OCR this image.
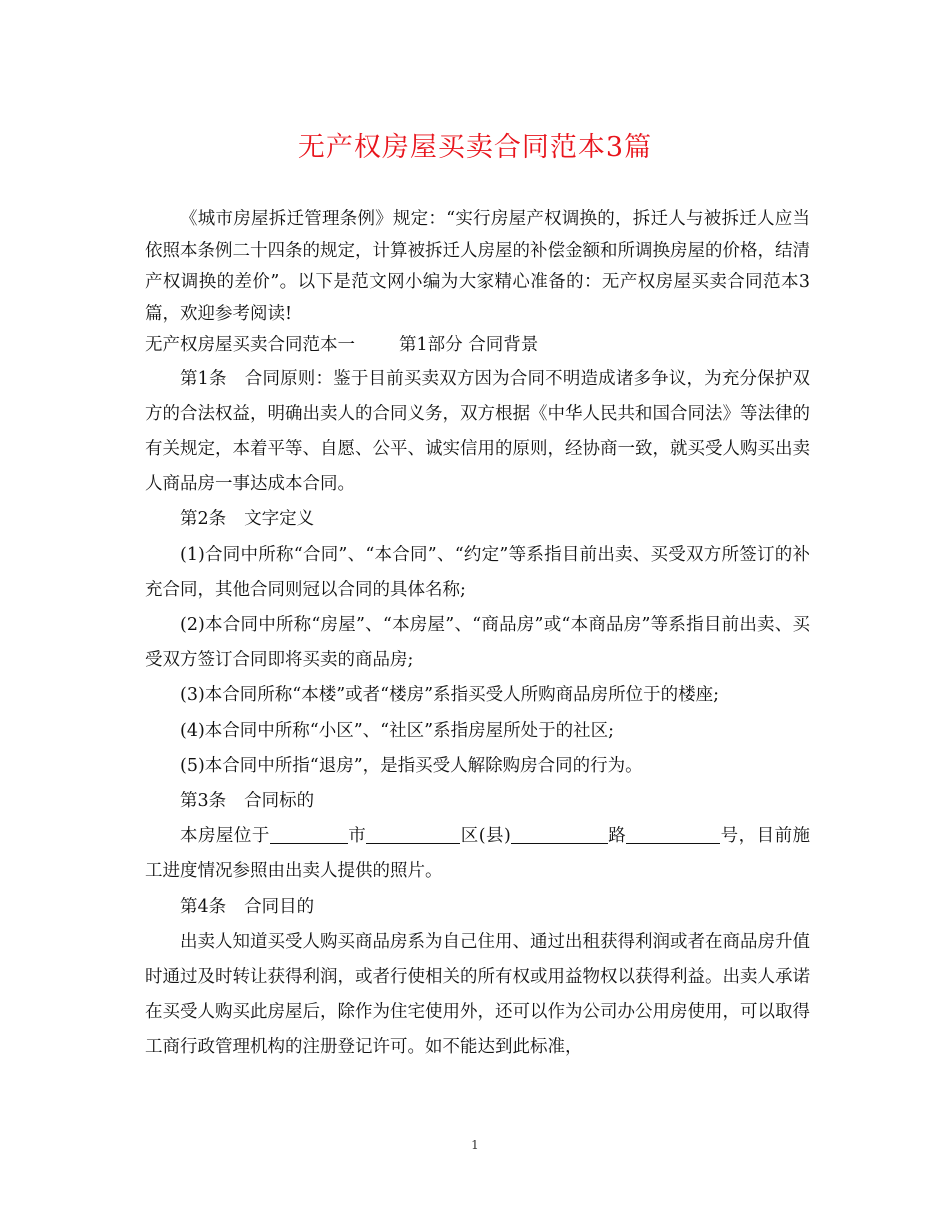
无产权房屋买卖合同范本3篇

《城市房屋拆迁管理条例》规定：“实行房屋产权调换的，拆迁人与被拆迁人应当依照本条例二十四条的规定，计算被拆迁人房屋的补偿金额和所调换房屋的价格，结清产权调换的差价”。以下是范文网小编为大家精心准备的：无产权房屋买卖合同范本3篇，欢迎参考阅读!

无产权房屋买卖合同范本一	第1部分 合同背景

第1条 合同原则：鉴于目前买卖双方因为合同不明造成诸多争议，为充分保护双方的合法权益，明确出卖人的合同义务，双方根据《中华人民共和国合同法》等法律的有关规定，本着平等、自愿、公平、诚实信用的原则，经协商一致，就买受人购买出卖人商品房一事达成本合同。

第2条 文字定义

(1)合同中所称“合同”、“本合同”、“约定”等系指目前出卖、买受双方所签订的补充合同，其他合同则冠以合同的具体名称;

(2)本合同中所称“房屋”、“本房屋”、“商品房”或“本商品房”等系指目前出卖、买受双方签订合同即将买卖的商品房;

(3)本合同所称“本楼”或者“楼房”系指买受人所购商品房所位于的楼座;

(4)本合同中所称“小区”、“社区”系指房屋所处于的社区;

(5)本合同中所指“退房”，是指买受人解除购房合同的行为。

第3条 合同标的

本房屋位于	市	区(县)	路	号，目前施工进度情况参照由出卖人提供的照片。

第4条 合同目的

出卖人知道买受人购买商品房系为自己住用、通过出租获得利润或者在商品房升值时通过及时转让获得利润，或者行使相关的所有权或用益物权以获得利益。出卖人承诺在买受人购买此房屋后，除作为住宅使用外，还可以作为公司办公用房使用，可以取得工商行政管理机构的注册登记许可。如不能达到此标准，

1
